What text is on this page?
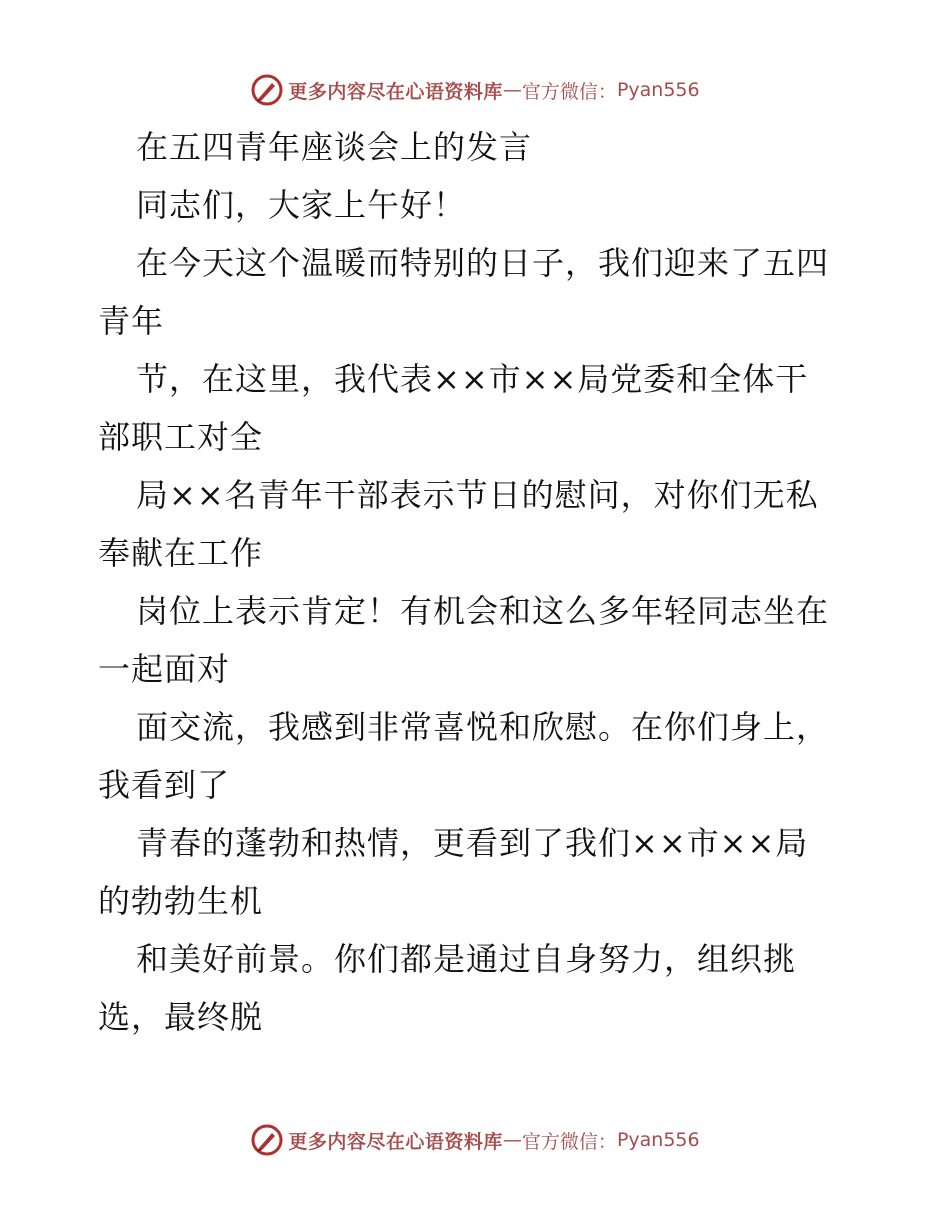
更多内容尽在心语资料库 — 官方微信： Pyan556
在五四青年座谈会上的发言
同志们，大家上午好！
在今天这个温暖而特别的日子，我们迎来了五四
青年
节，在这里，我代表××市××局党委和全体干
部职工对全
局××名青年干部表示节日的慰问，对你们无私
奉献在工作
岗位上表示肯定！有机会和这么多年轻同志坐在
一起面对
面交流，我感到非常喜悦和欣慰。在你们身上，
我看到了
青春的蓬勃和热情，更看到了我们××市××局
的勃勃生机
和美好前景。你们都是通过自身努力，组织挑
选，最终脱
更多内容尽在心语资料库 — 官方微信： Pyan556
